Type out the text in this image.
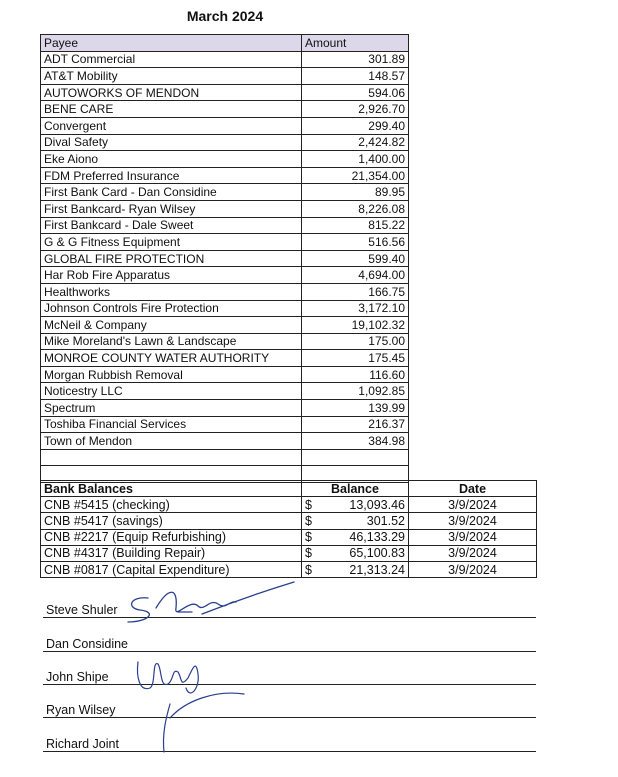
March 2024
Payee	Amount
ADT Commercial	301.89
AT&T Mobility	148.57
AUTOWORKS OF MENDON	594.06
BENE CARE	2,926.70
Convergent	299.40
Dival Safety	2,424.82
Eke Aiono	1,400.00
FDM Preferred Insurance	21,354.00
First Bank Card - Dan Considine	89.95
First Bankcard- Ryan Wilsey	8,226.08
First Bankcard - Dale Sweet	815.22
G & G Fitness Equipment	516.56
GLOBAL FIRE PROTECTION	599.40
Har Rob Fire Apparatus	4,694.00
Healthworks	166.75
Johnson Controls Fire Protection	3,172.10
McNeil & Company	19,102.32
Mike Moreland's Lawn & Landscape	175.00
MONROE COUNTY WATER AUTHORITY	175.45
Morgan Rubbish Removal	116.60
Noticestry LLC	1,092.85
Spectrum	139.99
Toshiba Financial Services	216.37
Town of Mendon	384.98

Bank Balances	Balance	Date
CNB #5415 (checking)	$ 13,093.46	3/9/2024
CNB #5417 (savings)	$ 301.52	3/9/2024
CNB #2217 (Equip Refurbishing)	$ 46,133.29	3/9/2024
CNB #4317 (Building Repair)	$ 65,100.83	3/9/2024
CNB #0817 (Capital Expenditure)	$ 21,313.24	3/9/2024
Steve Shuler
Dan Considine
John Shipe
Ryan Wilsey
Richard Joint
